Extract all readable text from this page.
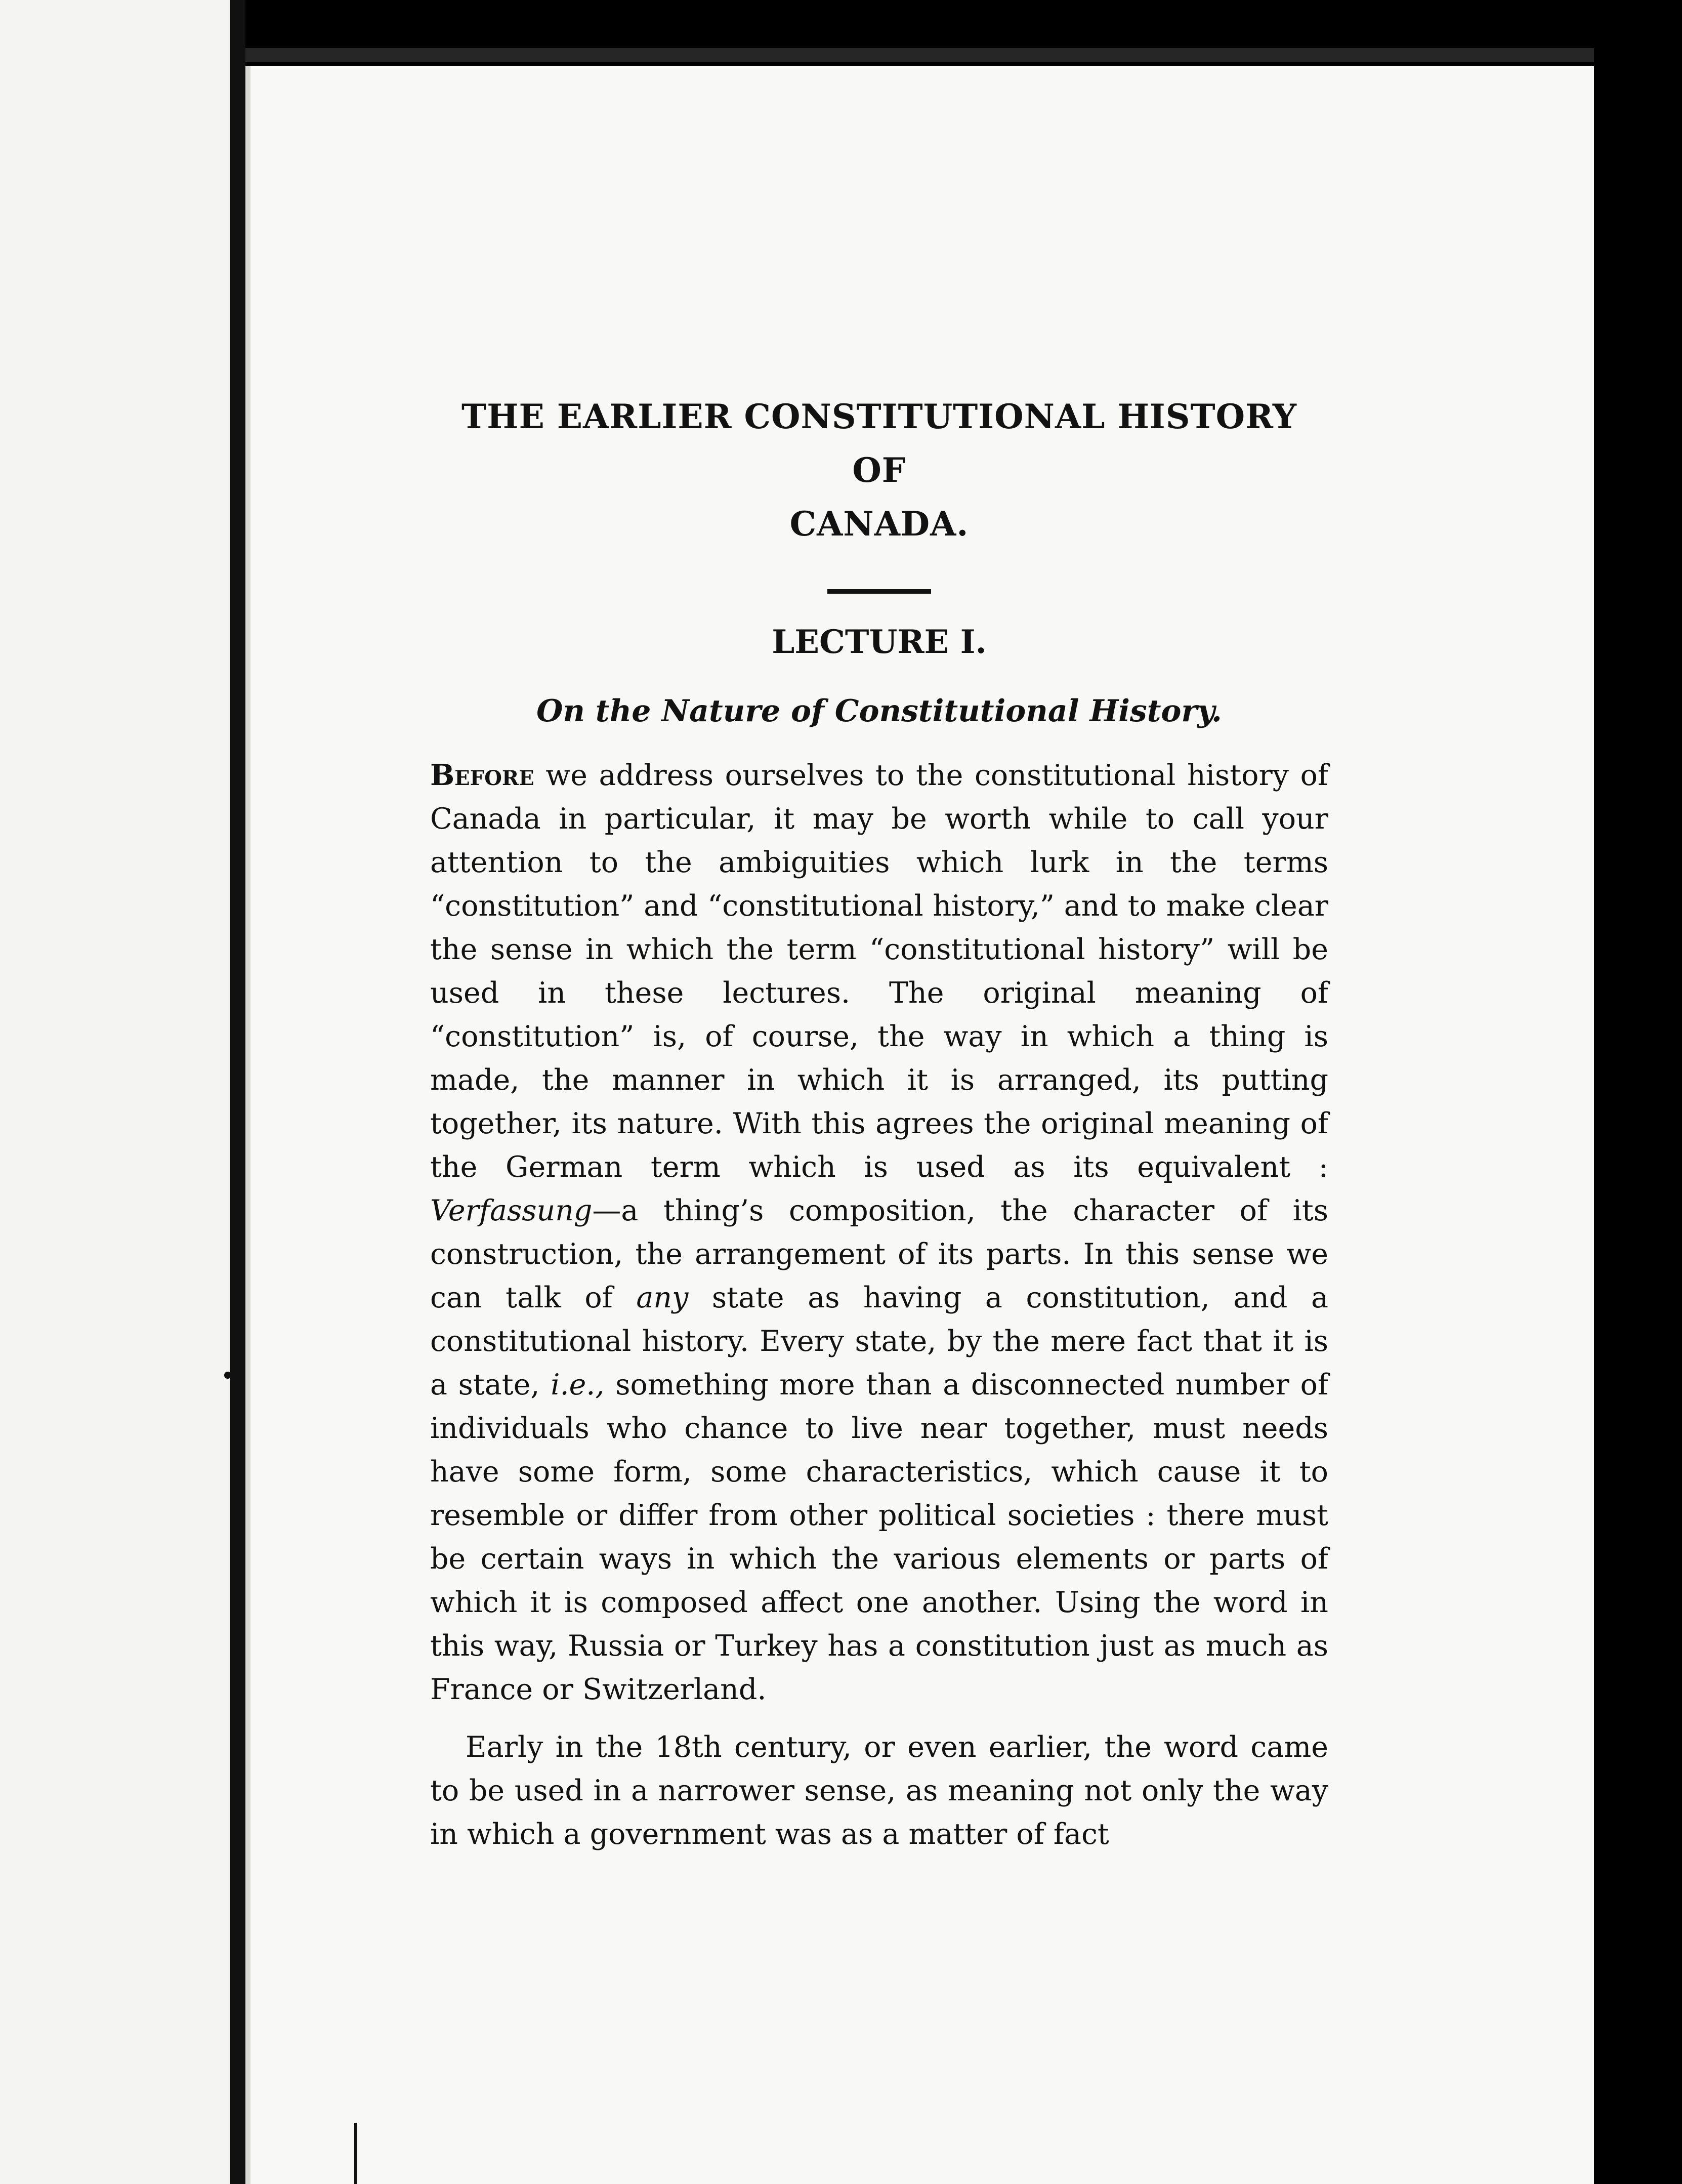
THE EARLIER CONSTITUTIONAL HISTORY OF
CANADA.
LECTURE I.
On the Nature of Constitutional History.

Before we address ourselves to the constitutional history of Canada in particular, it may be worth while to call your attention to the ambiguities which lurk in the terms “constitution” and “constitutional history,” and to make clear the sense in which the term “constitutional history” will be used in these lectures. The original meaning of “constitution” is, of course, the way in which a thing is made, the manner in which it is arranged, its putting together, its nature. With this agrees the original meaning of the German term which is used as its equivalent : Verfassung—a thing’s composition, the character of its construction, the arrangement of its parts. In this sense we can talk of any state as having a constitution, and a constitutional history. Every state, by the mere fact that it is a state, i.e., something more than a disconnected number of individuals who chance to live near together, must needs have some form, some characteristics, which cause it to resemble or differ from other political societies : there must be certain ways in which the various elements or parts of which it is composed affect one another. Using the word in this way, Russia or Turkey has a constitution just as much as France or Switzerland.

Early in the 18th century, or even earlier, the word came to be used in a narrower sense, as meaning not only the way in which a government was as a matter of fact
